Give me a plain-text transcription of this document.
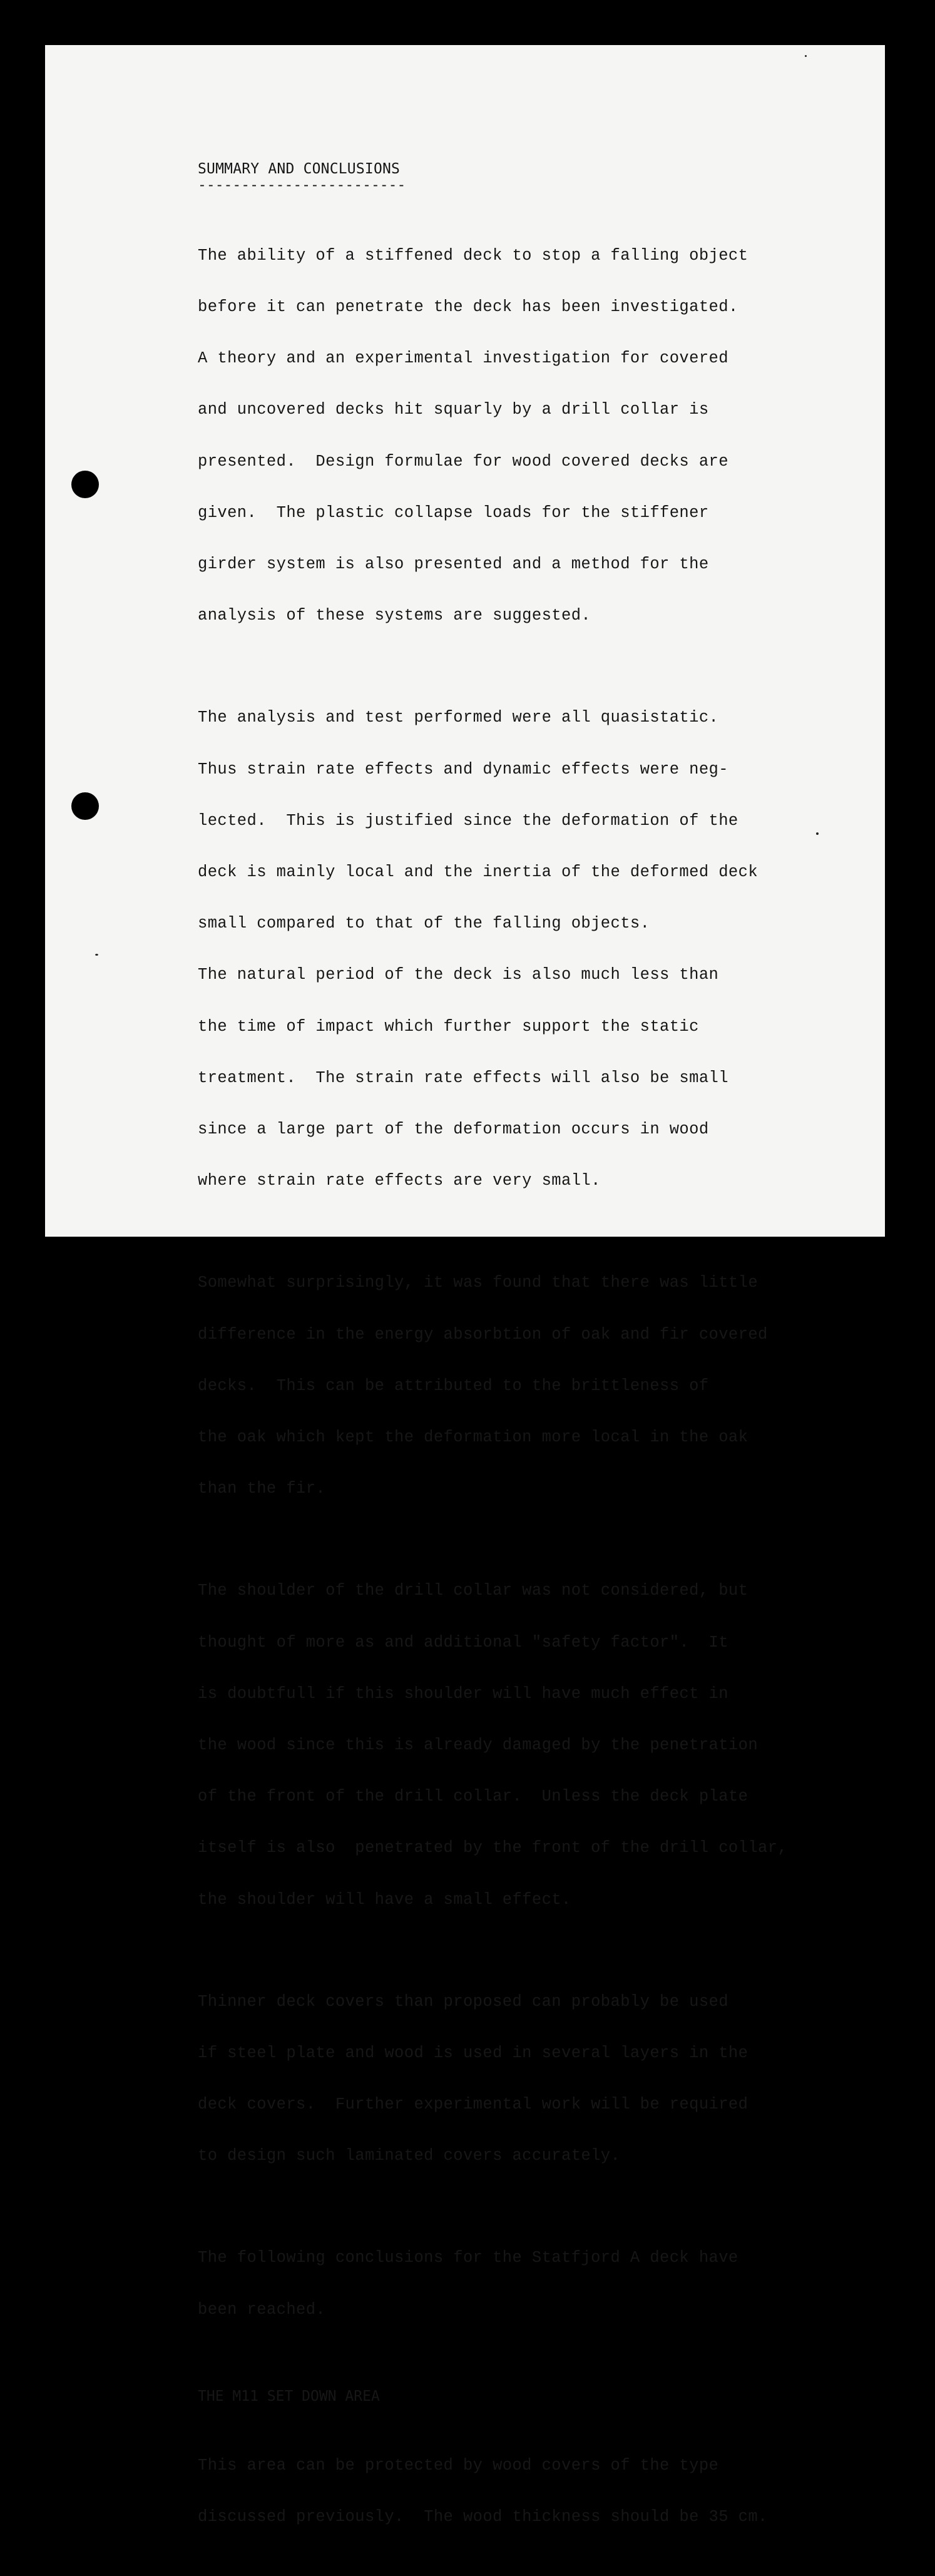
SUMMARY AND CONCLUSIONS
------------------------

The ability of a stiffened deck to stop a falling object

before it can penetrate the deck has been investigated.

A theory and an experimental investigation for covered

and uncovered decks hit squarly by a drill collar is

presented.  Design formulae for wood covered decks are

given.  The plastic collapse loads for the stiffener

girder system is also presented and a method for the

analysis of these systems are suggested.

The analysis and test performed were all quasistatic.

Thus strain rate effects and dynamic effects were neg-

lected.  This is justified since the deformation of the

deck is mainly local and the inertia of the deformed deck

small compared to that of the falling objects.

The natural period of the deck is also much less than

the time of impact which further support the static

treatment.  The strain rate effects will also be small

since a large part of the deformation occurs in wood

where strain rate effects are very small.

Somewhat surprisingly, it was found that there was little

difference in the energy absorbtion of oak and fir covered

decks.  This can be attributed to the brittleness of

the oak which kept the deformation more local in the oak

than the fir.

The shoulder of the drill collar was not considered, but

thought of more as and additional "safety factor".  It

is doubtfull if this shoulder will have much effect in

the wood since this is already damaged by the penetration

of the front of the drill collar.  Unless the deck plate

itself is also  penetrated by the front of the drill collar,

the shoulder will have a small effect.

Thinner deck covers than proposed can probably be used

if steel plate and wood is used in several layers in the

deck covers.  Further experimental work will be required

to design such laminated covers accurately.

The following conclusions for the Statfjord A deck have

been reached.

THE M11 SET DOWN AREA

This area can be protected by wood covers of the type

discussed previously.  The wood thickness should be 35 cm.
